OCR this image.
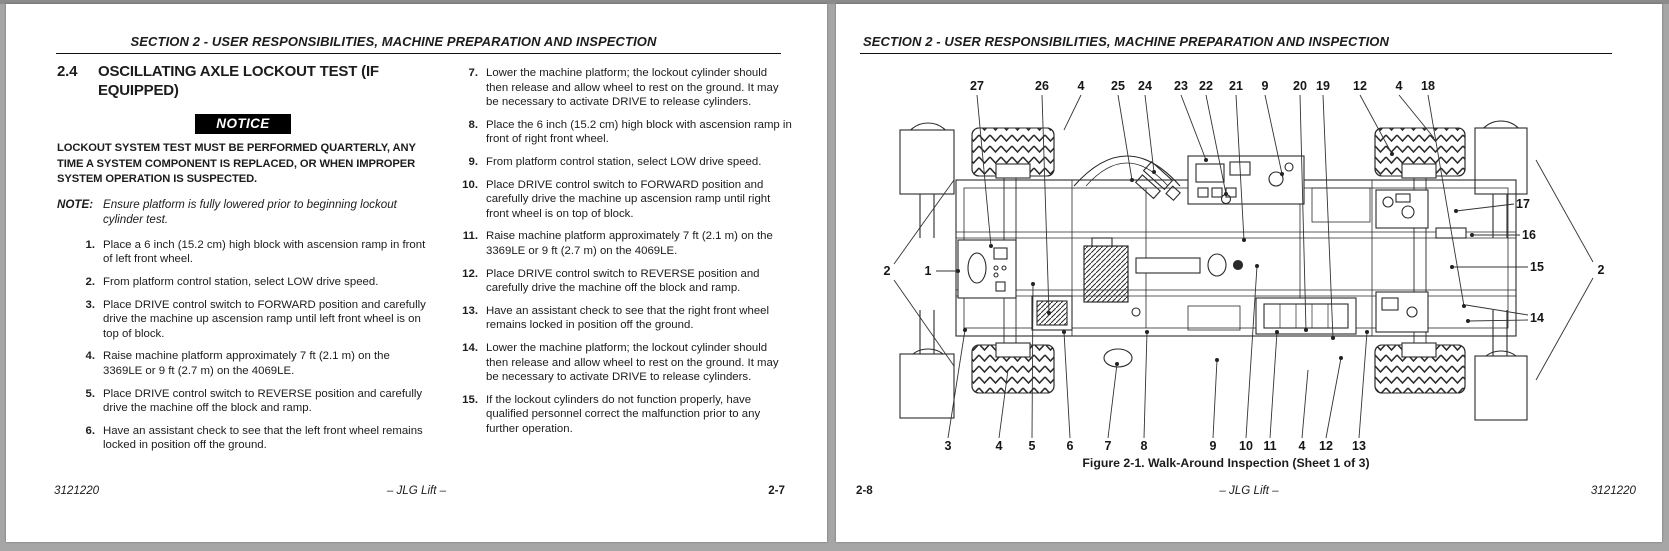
SECTION 2 - USER RESPONSIBILITIES, MACHINE PREPARATION AND INSPECTION
2.4	OSCILLATING AXLE LOCKOUT TEST (IF EQUIPPED)
NOTICE
LOCKOUT SYSTEM TEST MUST BE PERFORMED QUARTERLY, ANY TIME A SYSTEM COMPONENT IS REPLACED, OR WHEN IMPROPER SYSTEM OPERATION IS SUSPECTED.
NOTE: Ensure platform is fully lowered prior to beginning lockout cylinder test.
1. Place a 6 inch (15.2 cm) high block with ascension ramp in front of left front wheel.
2. From platform control station, select LOW drive speed.
3. Place DRIVE control switch to FORWARD position and carefully drive the machine up ascension ramp until left front wheel is on top of block.
4. Raise machine platform approximately 7 ft (2.1 m) on the 3369LE or 9 ft (2.7 m) on the 4069LE.
5. Place DRIVE control switch to REVERSE position and carefully drive the machine off the block and ramp.
6. Have an assistant check to see that the left front wheel remains locked in position off the ground.
7. Lower the machine platform; the lockout cylinder should then release and allow wheel to rest on the ground. It may be necessary to activate DRIVE to release cylinders.
8. Place the 6 inch (15.2 cm) high block with ascension ramp in front of right front wheel.
9. From platform control station, select LOW drive speed.
10. Place DRIVE control switch to FORWARD position and carefully drive the machine up ascension ramp until right front wheel is on top of block.
11. Raise machine platform approximately 7 ft (2.1 m) on the 3369LE or 9 ft (2.7 m) on the 4069LE.
12. Place DRIVE control switch to REVERSE position and carefully drive the machine off the block and ramp.
13. Have an assistant check to see that the right front wheel remains locked in position off the ground.
14. Lower the machine platform; the lockout cylinder should then release and allow wheel to rest on the ground. It may be necessary to activate DRIVE to release cylinders.
15. If the lockout cylinders do not function properly, have qualified personnel correct the malfunction prior to any further operation.
3121220	– JLG Lift –	2-7
SECTION 2 - USER RESPONSIBILITIES, MACHINE PREPARATION AND INSPECTION
27	26 4 25 24 23 22 21 9 20 19 12 4 18
3	4 5 6 7 8	9 10 11 4 12 13
2	1
17
16
15
14
2
Figure 2-1. Walk-Around Inspection (Sheet 1 of 3)
2-8	– JLG Lift –	3121220
